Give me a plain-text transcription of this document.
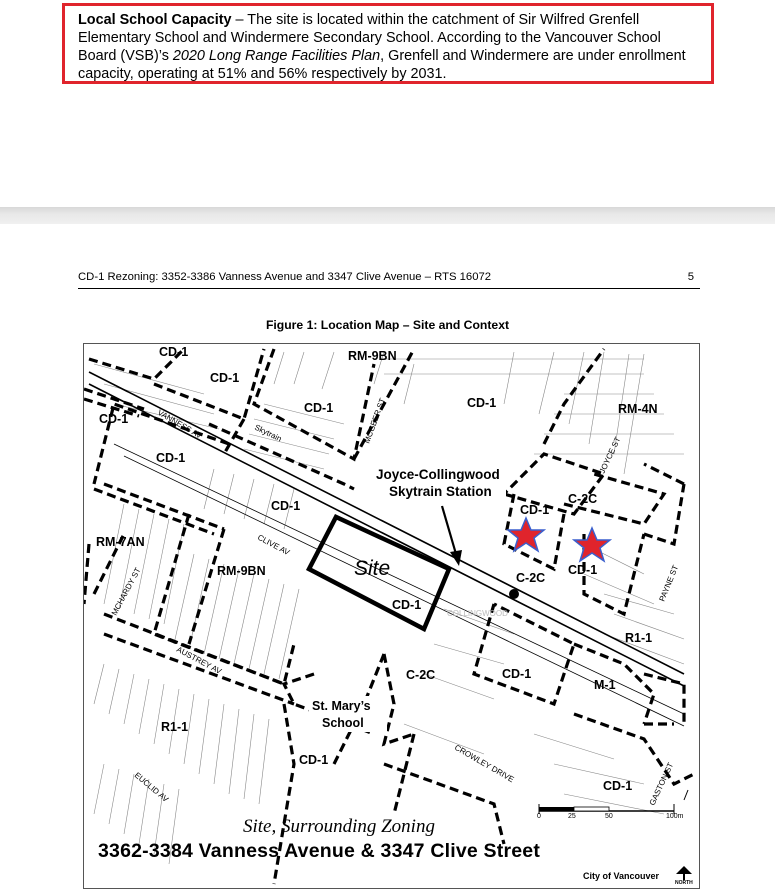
Local School Capacity – The site is located within the catchment of Sir Wilfred Grenfell Elementary School and Windermere Secondary School. According to the Vancouver School Board (VSB)’s 2020 Long Range Facilities Plan, Grenfell and Windermere are under enrollment capacity, operating at 51% and 56% respectively by 2031.
CD-1 Rezoning: 3352-3386 Vanness Avenue and 3347 Clive Avenue – RTS 16072	5
Figure 1: Location Map – Site and Context
CD-1
CD-1
CD-1	CD-1
CD-1
CD-1
CD-1	CD-1
CD-1
CD-1
CD-1
CD-1
CD-1
RM-9BN
RM-9BN
RM-7AN
RM-4N
C-2C
C-2C
C-2C
R1-1
R1-1
M-1
VANNESS AV
CLIVE AV
AUSTREY AV
EUCLID AV
MCHARDY ST
MCGEER ST
JOYCE ST
PAYNE ST
GASTON ST
CROWLEY DRIVE
Skytrain
COLLINGWOOD
Joyce-Collingwood
Skytrain Station
Site
St. Mary’s
School
0	25	50	100m
Site, Surrounding Zoning
3362-3384 Vanness Avenue & 3347 Clive Street
City of Vancouver
NORTH
